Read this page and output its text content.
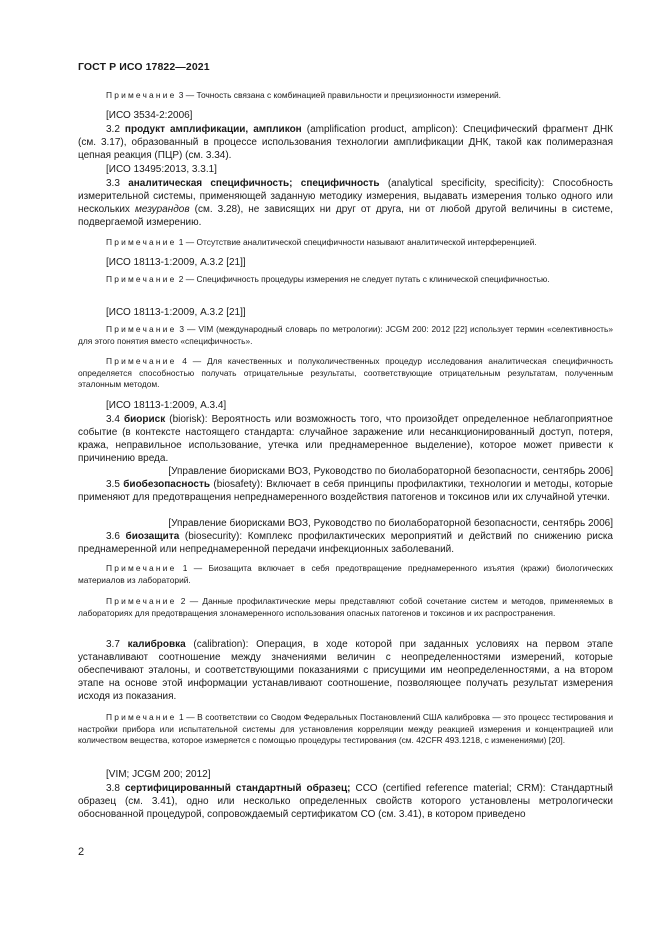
ГОСТ Р ИСО 17822—2021
Примечание 3 — Точность связана с комбинацией правильности и прецизионности измерений.
[ИСО 3534-2:2006]
3.2 продукт амплификации, ампликон (amplification product, amplicon): Специфический фрагмент ДНК (см. 3.17), образованный в процессе использования технологии амплификации ДНК, такой как полимеразная цепная реакция (ПЦР) (см. 3.34).
[ИСО 13495:2013, 3.3.1]
3.3 аналитическая специфичность; специфичность (analytical specificity, specificity): Способность измерительной системы, применяющей заданную методику измерения, выдавать измерения только одного или нескольких мезурандов (см. 3.28), не зависящих ни друг от друга, ни от любой другой величины в системе, подвергаемой измерению.
Примечание 1 — Отсутствие аналитической специфичности называют аналитической интерференцией.
[ИСО 18113-1:2009, А.3.2 [21]]
Примечание 2 — Специфичность процедуры измерения не следует путать с клинической специфичностью.
[ИСО 18113-1:2009, А.3.2 [21]]
Примечание 3 — VIM (международный словарь по метрологии): JCGM 200: 2012 [22] использует термин «селективность» для этого понятия вместо «специфичность».
Примечание 4 — Для качественных и полуколичественных процедур исследования аналитическая специфичность определяется способностью получать отрицательные результаты, соответствующие отрицательным результатам, полученным эталонным методом.
[ИСО 18113-1:2009, А.3.4]
3.4 биориск (biorisk): Вероятность или возможность того, что произойдет определенное неблагоприятное событие (в контексте настоящего стандарта: случайное заражение или несанкционированный доступ, потеря, кража, неправильное использование, утечка или преднамеренное выделение), которое может привести к причинению вреда.
[Управление биорисками ВОЗ, Руководство по биолабораторной безопасности, сентябрь 2006]
3.5 биобезопасность (biosafety): Включает в себя принципы профилактики, технологии и методы, которые применяют для предотвращения непреднамеренного воздействия патогенов и токсинов или их случайной утечки.
[Управление биорисками ВОЗ, Руководство по биолабораторной безопасности, сентябрь 2006]
3.6 биозащита (biosecurity): Комплекс профилактических мероприятий и действий по снижению риска преднамеренной или непреднамеренной передачи инфекционных заболеваний.
Примечание 1 — Биозащита включает в себя предотвращение преднамеренного изъятия (кражи) биологических материалов из лабораторий.
Примечание 2 — Данные профилактические меры представляют собой сочетание систем и методов, применяемых в лабораториях для предотвращения злонамеренного использования опасных патогенов и токсинов и их распространения.
3.7 калибровка (calibration): Операция, в ходе которой при заданных условиях на первом этапе устанавливают соотношение между значениями величин с неопределенностями измерений, которые обеспечивают эталоны, и соответствующими показаниями с присущими им неопределенностями, а на втором этапе на основе этой информации устанавливают соотношение, позволяющее получать результат измерения исходя из показания.
Примечание 1 — В соответствии со Сводом Федеральных Постановлений США калибровка — это процесс тестирования и настройки прибора или испытательной системы для установления корреляции между реакцией измерения и концентрацией или количеством вещества, которое измеряется с помощью процедуры тестирования (см. 42CFR 493.1218, с изменениями) [20].
[VIM; JCGM 200; 2012]
3.8 сертифицированный стандартный образец; ССО (certified reference material; CRM): Стандартный образец (см. 3.41), одно или несколько определенных свойств которого установлены метрологически обоснованной процедурой, сопровождаемый сертификатом СО (см. 3.41), в котором приведено
2
